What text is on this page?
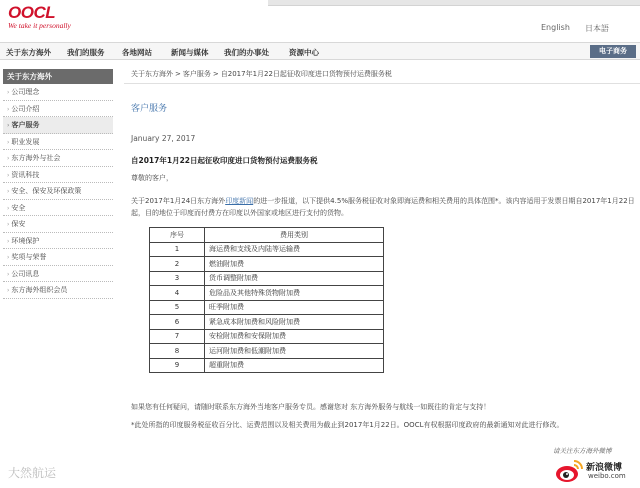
OOCL
We take it personally	English 日本語
关于东方海外 我们的服务 各地网站	新闻与媒体 我们的办事处	资源中心	电子商务
关于东方海外
› 公司理念
› 公司介绍
› 客户服务
› 职业发展
› 东方海外与社会
› 资讯科技
› 安全、保安及环保政策
› 安全
› 保安
› 环境保护
› 奖项与荣誉
› 公司讯息
› 东方海外组织会员
关于东方海外 > 客户服务 > 自2017年1月22日起征收印度进口货物预付运费服务税
客户服务
January 27, 2017
自2017年1月22日起征收印度进口货物预付运费服务税
尊敬的客户，
关于2017年1月24日东方海外印度新闻的进一步报道，以下提供4.5%服务税征收对象即海运费和相关费用的具体范围*。该内容适用于发票日期自2017年1月22日起，目的地位于印度而付费方在印度以外国家或地区进行支付的货物。
序号	费用类别
1	海运费和支线及内陆等运输费
2	燃油附加费
3	货币调整附加费
4	危险品及其他特殊货物附加费
5	旺季附加费
6	紧急成本附加费和风险附加费
7	安检附加费和安保附加费
8	运河附加费和低潮附加费
9	超重附加费
如果您有任何疑问，请随时联系东方海外当地客户服务专员。感谢您对 东方海外服务与航线一如既往的肯定与支持！
*此处所指的印度服务税征收百分比、运费范围以及相关费用为截止到2017年1月22日。OOCL有权根据印度政府的最新通知对此进行修改。
请关注东方海外微博
新浪微博
weibo.com
大然航运
